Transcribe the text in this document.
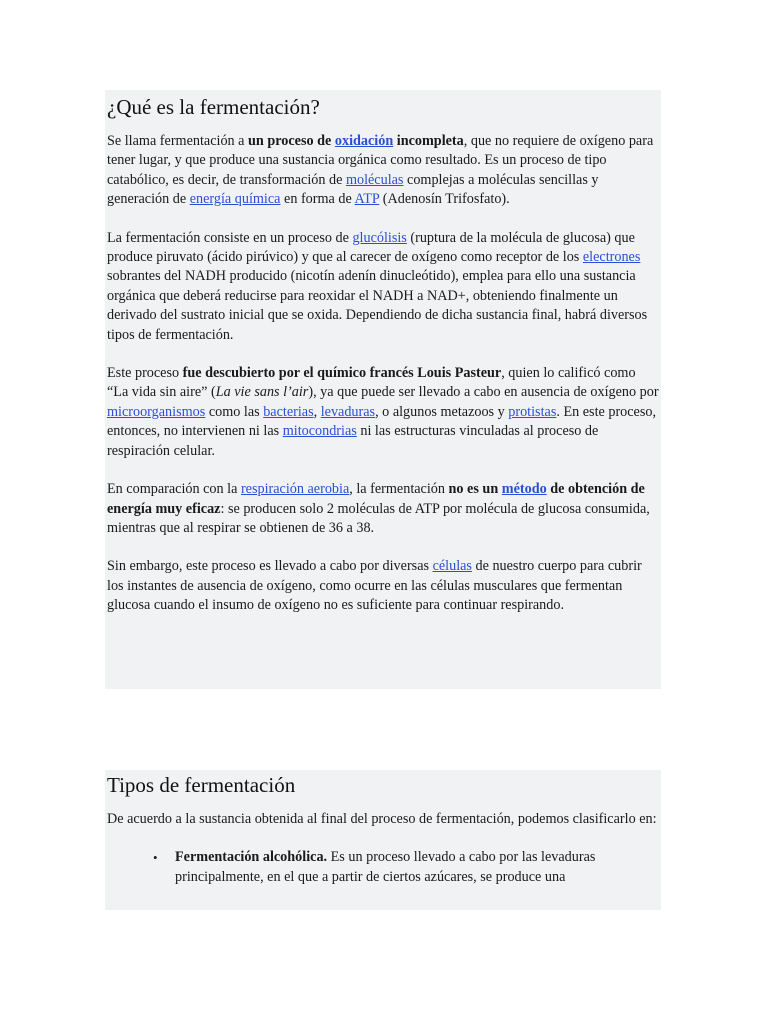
¿Qué es la fermentación?

Se llama fermentación a un proceso de oxidación incompleta, que no requiere de oxígeno para tener lugar, y que produce una sustancia orgánica como resultado. Es un proceso de tipo catabólico, es decir, de transformación de moléculas complejas a moléculas sencillas y generación de energía química en forma de ATP (Adenosín Trifosfato).

La fermentación consiste en un proceso de glucólisis (ruptura de la molécula de glucosa) que produce piruvato (ácido pirúvico) y que al carecer de oxígeno como receptor de los electrones sobrantes del NADH producido (nicotín adenín dinucleótido), emplea para ello una sustancia orgánica que deberá reducirse para reoxidar el NADH a NAD+, obteniendo finalmente un derivado del sustrato inicial que se oxida. Dependiendo de dicha sustancia final, habrá diversos tipos de fermentación.

Este proceso fue descubierto por el químico francés Louis Pasteur, quien lo calificó como “La vida sin aire” (La vie sans l’air), ya que puede ser llevado a cabo en ausencia de oxígeno por microorganismos como las bacterias, levaduras, o algunos metazoos y protistas. En este proceso, entonces, no intervienen ni las mitocondrias ni las estructuras vinculadas al proceso de respiración celular.

En comparación con la respiración aerobia, la fermentación no es un método de obtención de energía muy eficaz: se producen solo 2 moléculas de ATP por molécula de glucosa consumida, mientras que al respirar se obtienen de 36 a 38.

Sin embargo, este proceso es llevado a cabo por diversas células de nuestro cuerpo para cubrir los instantes de ausencia de oxígeno, como ocurre en las células musculares que fermentan glucosa cuando el insumo de oxígeno no es suficiente para continuar respirando.

Tipos de fermentación

De acuerdo a la sustancia obtenida al final del proceso de fermentación, podemos clasificarlo en:

• Fermentación alcohólica. Es un proceso llevado a cabo por las levaduras principalmente, en el que a partir de ciertos azúcares, se produce una
